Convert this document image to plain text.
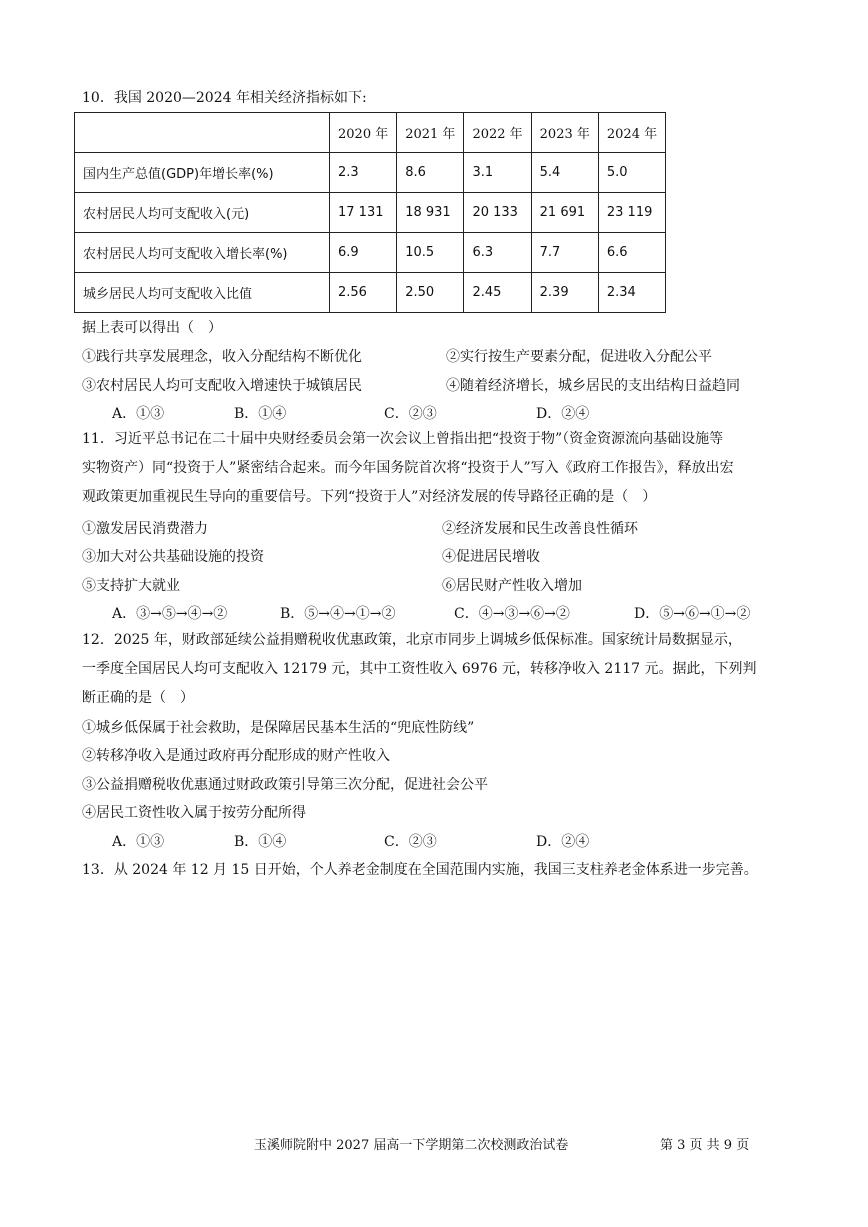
10．我国 2020—2024 年相关经济指标如下:
	2020 年	2021 年	2022 年	2023 年	2024 年
国内生产总值(GDP)年增长率(%)	2.3	8.6	3.1	5.4	5.0
农村居民人均可支配收入(元)	17 131	18 931	20 133	21 691	23 119
农村居民人均可支配收入增长率(%)	6.9	10.5	6.3	7.7	6.6
城乡居民人均可支配收入比值	2.56	2.50	2.45	2.39	2.34
据上表可以得出（　）
①践行共享发展理念，收入分配结构不断优化	②实行按生产要素分配，促进收入分配公平
③农村居民人均可支配收入增速快于城镇居民	④随着经济增长，城乡居民的支出结构日益趋同
A．①③	B．①④	C．②③	D．②④
11．习近平总书记在二十届中央财经委员会第一次会议上曾指出把“投资于物”（资金资源流向基础设施等
实物资产）同“投资于人”紧密结合起来。而今年国务院首次将“投资于人”写入《政府工作报告》，释放出宏
观政策更加重视民生导向的重要信号。下列“投资于人”对经济发展的传导路径正确的是（　）
①激发居民消费潜力	②经济发展和民生改善良性循环
③加大对公共基础设施的投资	④促进居民增收
⑤支持扩大就业	⑥居民财产性收入增加
A．③→⑤→④→②	B．⑤→④→①→②	C．④→③→⑥→②	D．⑤→⑥→①→②
12．2025 年，财政部延续公益捐赠税收优惠政策，北京市同步上调城乡低保标准。国家统计局数据显示，
一季度全国居民人均可支配收入 12179 元，其中工资性收入 6976 元，转移净收入 2117 元。据此，下列判
断正确的是（　）
①城乡低保属于社会救助，是保障居民基本生活的“兜底性防线”
②转移净收入是通过政府再分配形成的财产性收入
③公益捐赠税收优惠通过财政政策引导第三次分配，促进社会公平
④居民工资性收入属于按劳分配所得
A．①③	B．①④	C．②③	D．②④
13．从 2024 年 12 月 15 日开始，个人养老金制度在全国范围内实施，我国三支柱养老金体系进一步完善。
玉溪师院附中 2027 届高一下学期第二次校测政治试卷	第 3 页 共 9 页
